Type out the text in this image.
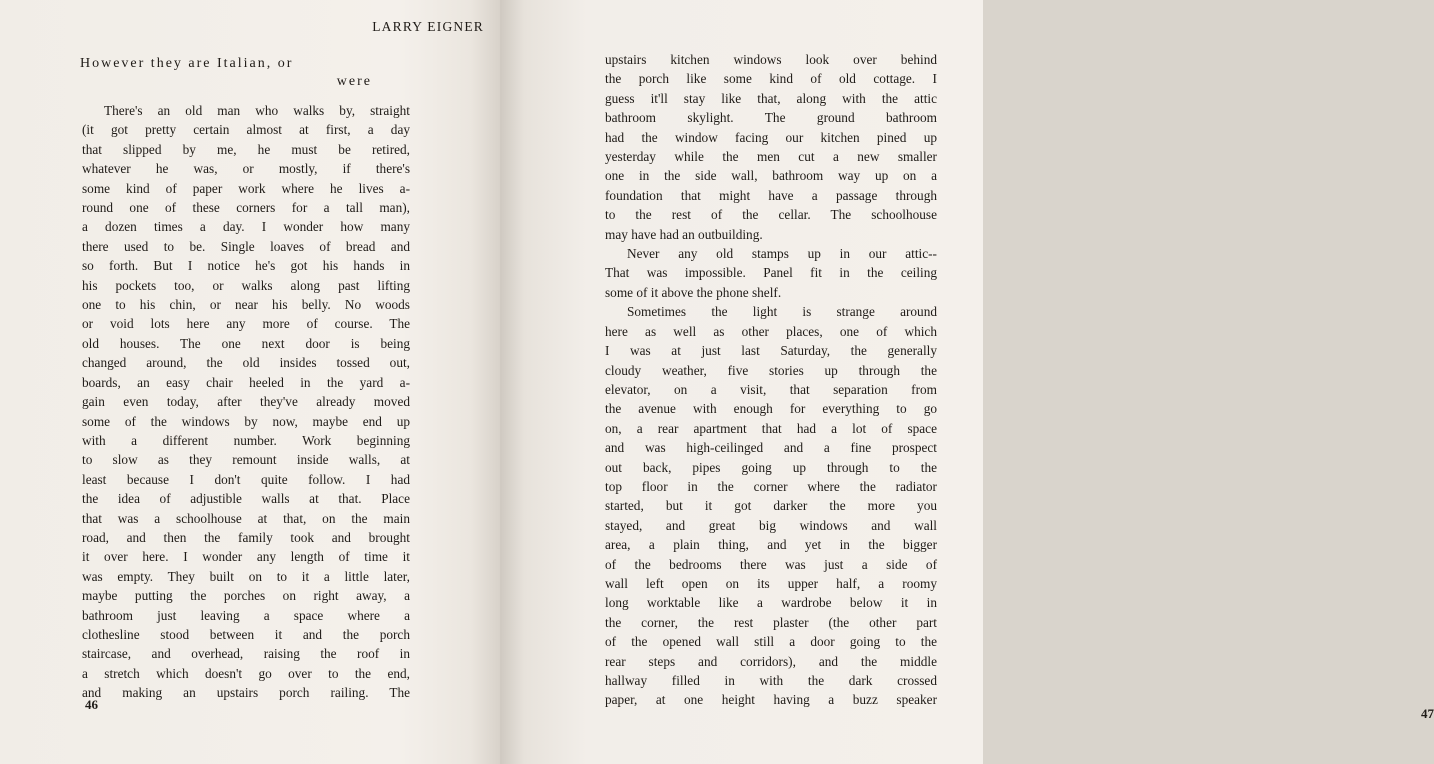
LARRY EIGNER
However they are Italian, or
were
There's an old man who walks by, straight
(it got pretty certain almost at first, a day
that slipped by me, he must be retired,
whatever he was, or mostly, if there's
some kind of paper work where he lives a-
round one of these corners for a tall man),
a dozen times a day. I wonder how many
there used to be. Single loaves of bread and
so forth. But I notice he's got his hands in
his pockets too, or walks along past lifting
one to his chin, or near his belly. No woods
or void lots here any more of course. The
old houses. The one next door is being
changed around, the old insides tossed out,
boards, an easy chair heeled in the yard a-
gain even today, after they've already moved
some of the windows by now, maybe end up
with a different number. Work beginning
to slow as they remount inside walls, at
least because I don't quite follow. I had
the idea of adjustible walls at that. Place
that was a schoolhouse at that, on the main
road, and then the family took and brought
it over here. I wonder any length of time it
was empty. They built on to it a little later,
maybe putting the porches on right away, a
bathroom just leaving a space where a
clothesline stood between it and the porch
staircase, and overhead, raising the roof in
a stretch which doesn't go over to the end,
and making an upstairs porch railing. The
46
47
upstairs kitchen windows look over behind
the porch like some kind of old cottage. I
guess it'll stay like that, along with the attic
bathroom skylight. The ground bathroom
had the window facing our kitchen pined up
yesterday while the men cut a new smaller
one in the side wall, bathroom way up on a
foundation that might have a passage through
to the rest of the cellar. The schoolhouse
may have had an outbuilding.
Never any old stamps up in our attic--
That was impossible. Panel fit in the ceiling
some of it above the phone shelf.
Sometimes the light is strange around
here as well as other places, one of which
I was at just last Saturday, the generally
cloudy weather, five stories up through the
elevator, on a visit, that separation from
the avenue with enough for everything to go
on, a rear apartment that had a lot of space
and was high-ceilinged and a fine prospect
out back, pipes going up through to the
top floor in the corner where the radiator
started, but it got darker the more you
stayed, and great big windows and wall
area, a plain thing, and yet in the bigger
of the bedrooms there was just a side of
wall left open on its upper half, a roomy
long worktable like a wardrobe below it in
the corner, the rest plaster (the other part
of the opened wall still a door going to the
rear steps and corridors), and the middle
hallway filled in with the dark crossed
paper, at one height having a buzz speaker
